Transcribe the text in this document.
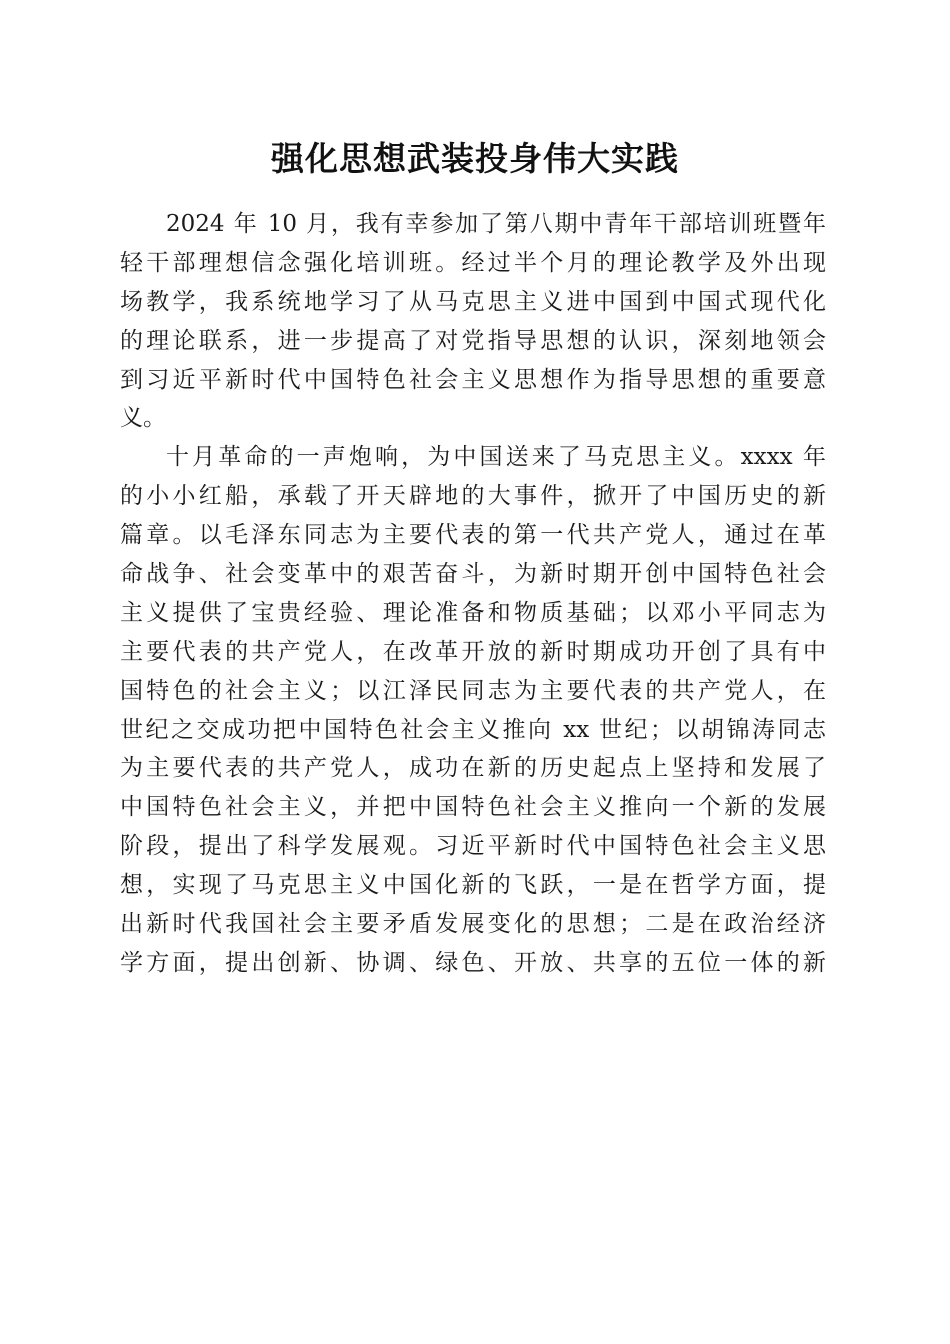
强化思想武装投身伟大实践
2024 年 10 月，我有幸参加了第八期中青年干部培训班暨年
轻干部理想信念强化培训班。经过半个月的理论教学及外出现
场教学，我系统地学习了从马克思主义进中国到中国式现代化
的理论联系，进一步提高了对党指导思想的认识，深刻地领会
到习近平新时代中国特色社会主义思想作为指导思想的重要意
义。
十月革命的一声炮响，为中国送来了马克思主义。xxxx 年
的小小红船，承载了开天辟地的大事件，掀开了中国历史的新
篇章。以毛泽东同志为主要代表的第一代共产党人，通过在革
命战争、社会变革中的艰苦奋斗，为新时期开创中国特色社会
主义提供了宝贵经验、理论准备和物质基础；以邓小平同志为
主要代表的共产党人，在改革开放的新时期成功开创了具有中
国特色的社会主义；以江泽民同志为主要代表的共产党人，在
世纪之交成功把中国特色社会主义推向 xx 世纪；以胡锦涛同志
为主要代表的共产党人，成功在新的历史起点上坚持和发展了
中国特色社会主义，并把中国特色社会主义推向一个新的发展
阶段，提出了科学发展观。习近平新时代中国特色社会主义思
想，实现了马克思主义中国化新的飞跃，一是在哲学方面，提
出新时代我国社会主要矛盾发展变化的思想；二是在政治经济
学方面，提出创新、协调、绿色、开放、共享的五位一体的新
